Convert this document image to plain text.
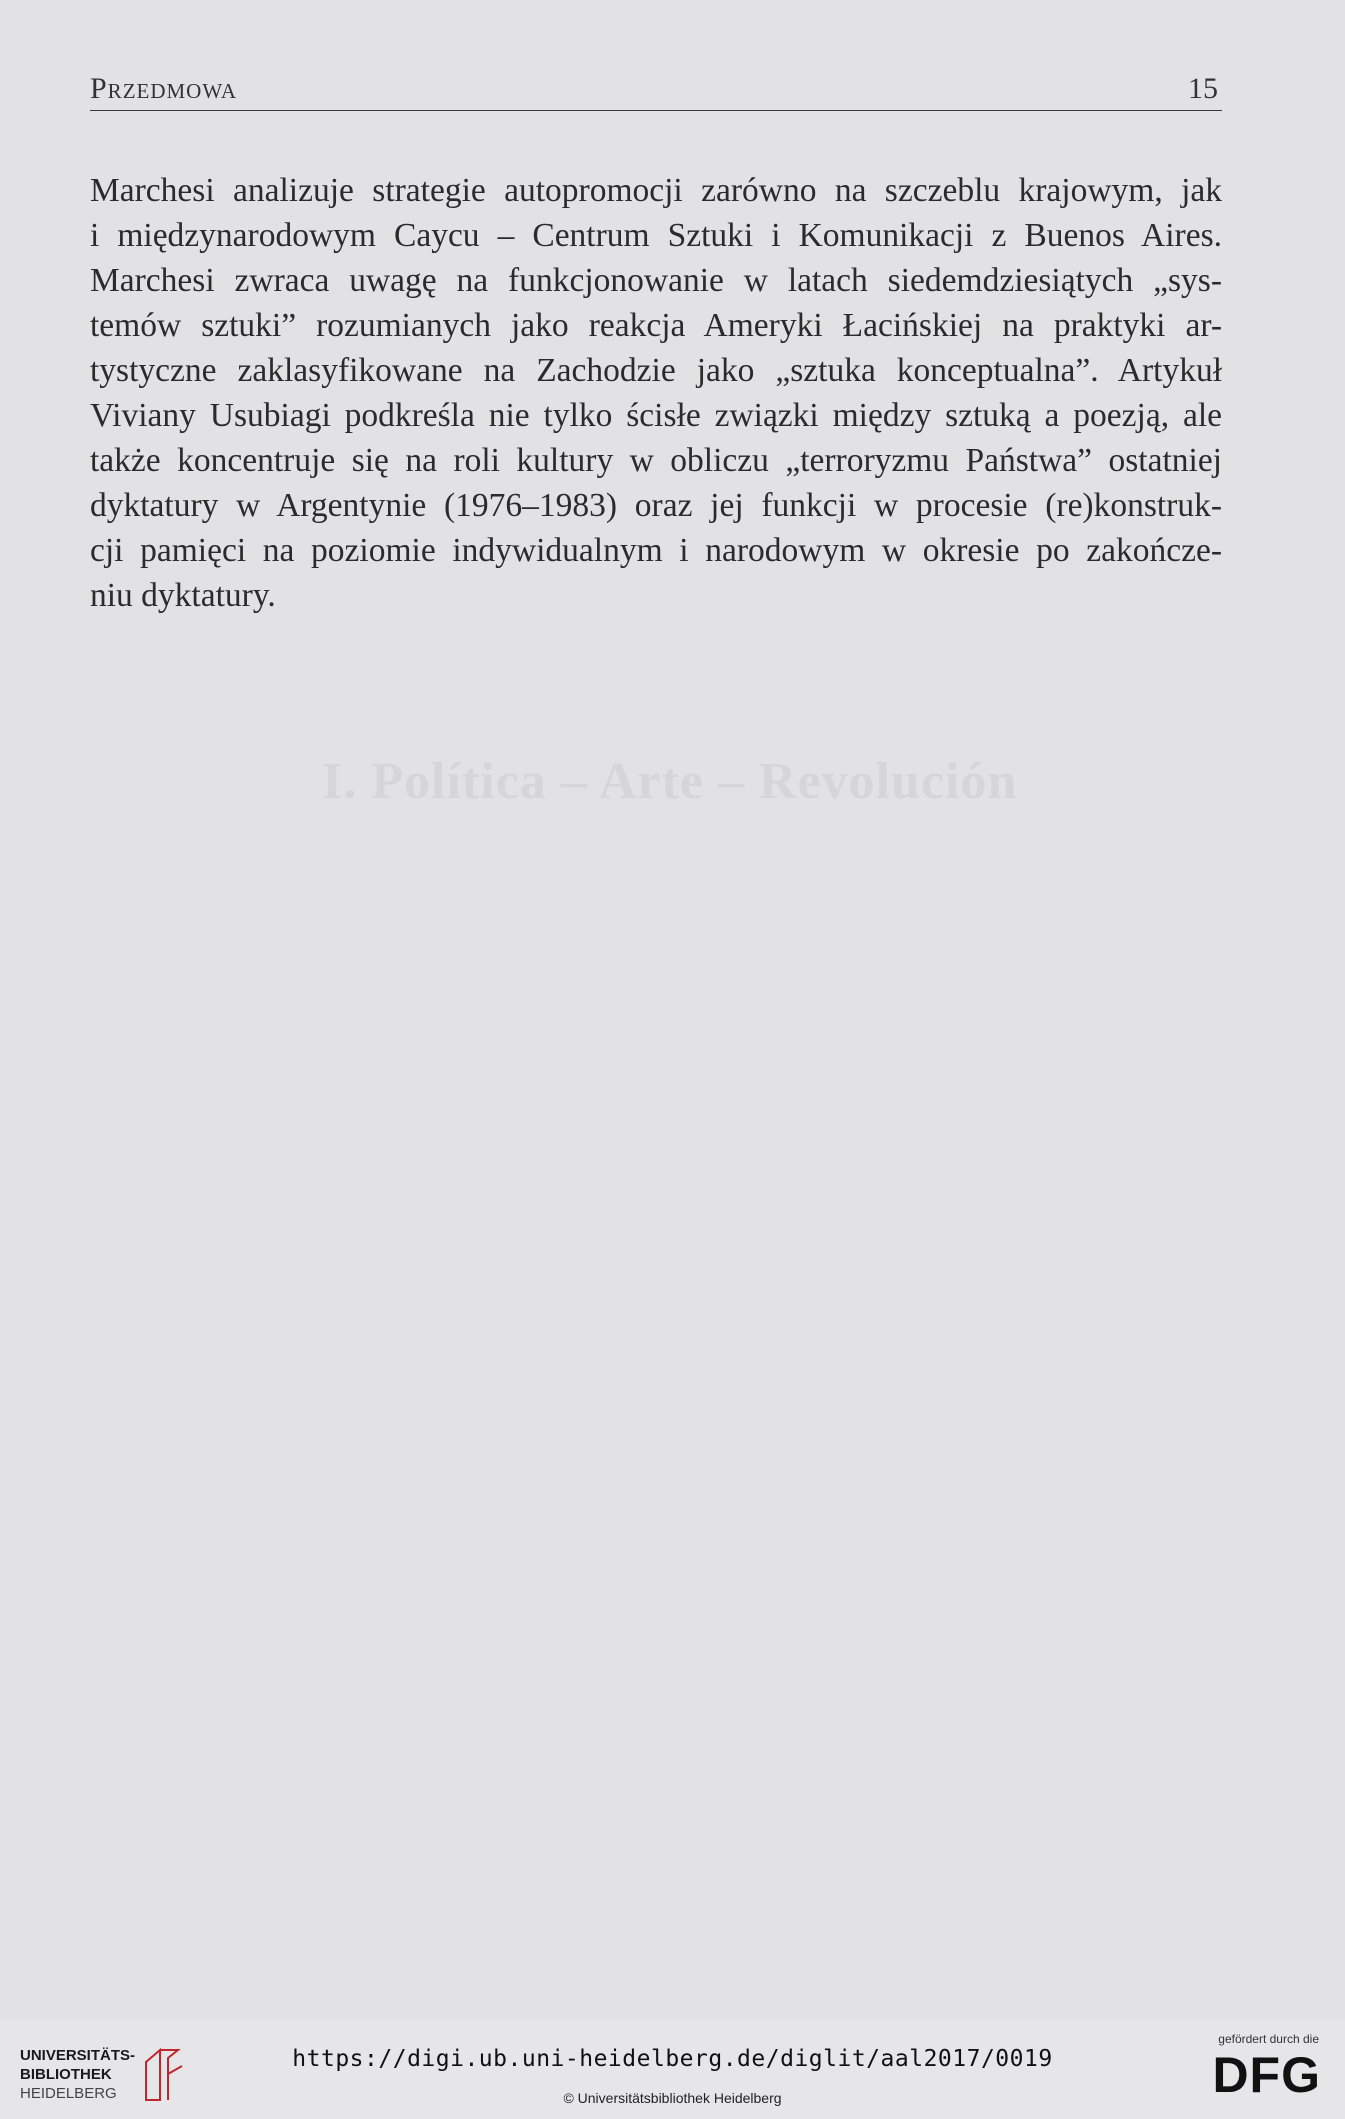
Przedmowa	15
I. Política – Arte – Revolución
Marchesi analizuje strategie autopromocji zarówno na szczeblu krajowym, jak
i międzynarodowym Caycu – Centrum Sztuki i Komunikacji z Buenos Aires.
Marchesi zwraca uwagę na funkcjonowanie w latach siedemdziesiątych „sys-
temów sztuki” rozumianych jako reakcja Ameryki Łacińskiej na praktyki ar-
tystyczne zaklasyfikowane na Zachodzie jako „sztuka konceptualna”. Artykuł
Viviany Usubiagi podkreśla nie tylko ścisłe związki między sztuką a poezją, ale
także koncentruje się na roli kultury w obliczu „terroryzmu Państwa” ostatniej
dyktatury w Argentynie (1976–1983) oraz jej funkcji w procesie (re)konstruk-
cji pamięci na poziomie indywidualnym i narodowym w okresie po zakończe-
niu dyktatury.
UNIVERSITÄTS-
BIBLIOTHEK
HEIDELBERG
https://digi.ub.uni-heidelberg.de/diglit/aal2017/0019
© Universitätsbibliothek Heidelberg
gefördert durch die
DFG
